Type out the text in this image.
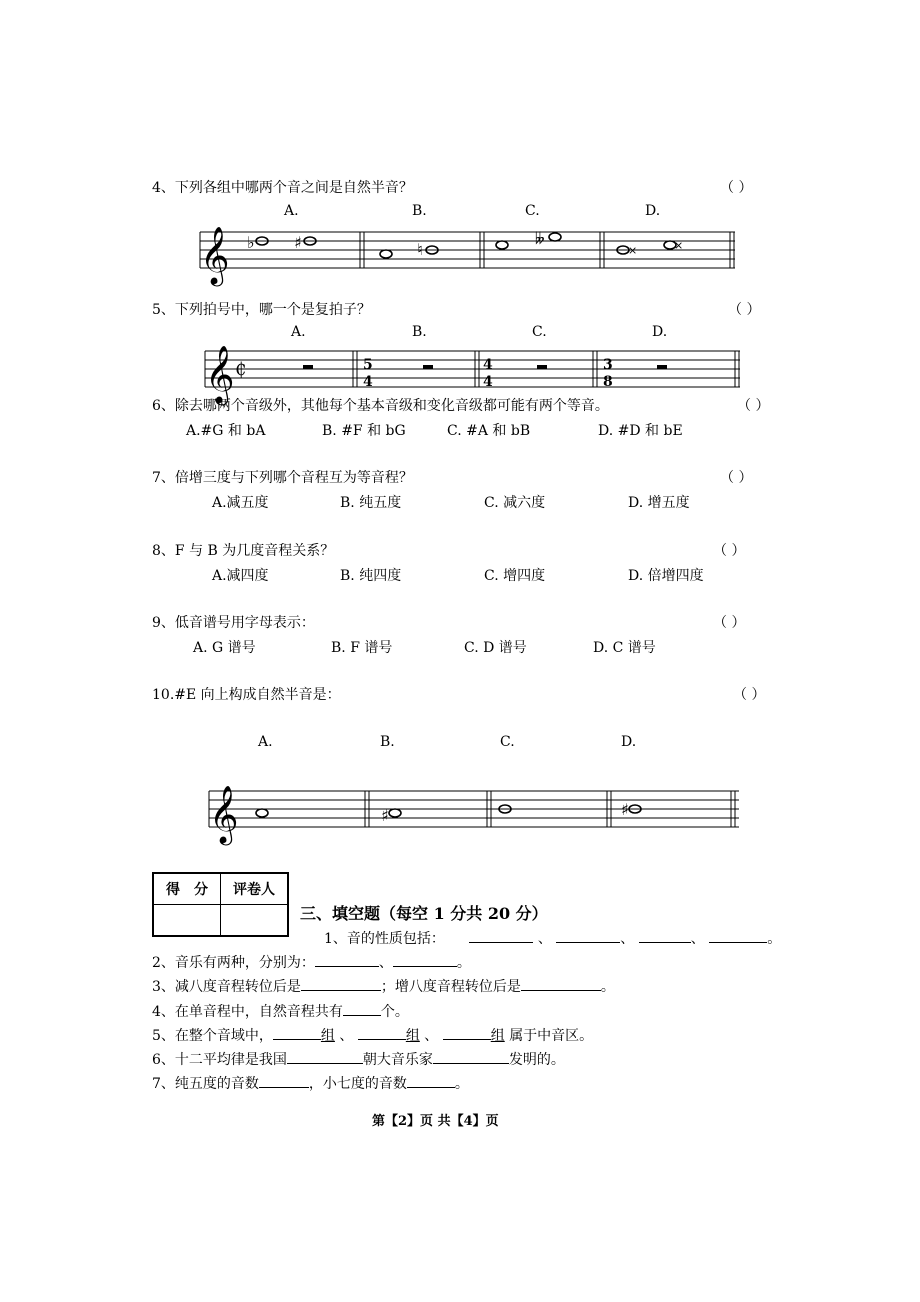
4、下列各组中哪两个音之间是自然半音？	（ ）
A.	B.	C.	D.
𝄞 ♭ ♯	♮
𝄫
×	×
5、下列拍号中，哪一个是复拍子？	（ ）
A.	B.	C.	D.
𝄞 ₵	5
4
4
4
3
8
6、除去哪两个音级外，其他每个基本音级和变化音级都可能有两个等音。	（ ）
A.#G 和 bA	B. #F 和 bG	C. #A 和 bB	D. #D 和 bE
7、倍增三度与下列哪个音程互为等音程？	（ ）
A.减五度	B. 纯五度	C. 减六度	D. 增五度
8、F 与 B 为几度音程关系？	（ ）
A.减四度	B. 纯四度	C. 增四度	D. 倍增四度
9、低音谱号用字母表示：	（ ）
A. G 谱号	B. F 谱号	C. D 谱号	D. C 谱号
10.#E 向上构成自然半音是：	（ ）
A.	B.	C.	D.
𝄞	♯	♯
得　分	评卷人

三、填空题（每空 1 分共 20 分）
1、音的性质包括：	、	、	、	。
2、音乐有两种，分别为：	、	。
3、减八度音程转位后是	；增八度音程转位后是	。
4、在单音程中，自然音程共有	个。
5、在整个音域中，	组 、	组 、	组 属于中音区。
6、十二平均律是我国	朝大音乐家	发明的。
7、纯五度的音数	，小七度的音数	。
第【2】页 共【4】页
